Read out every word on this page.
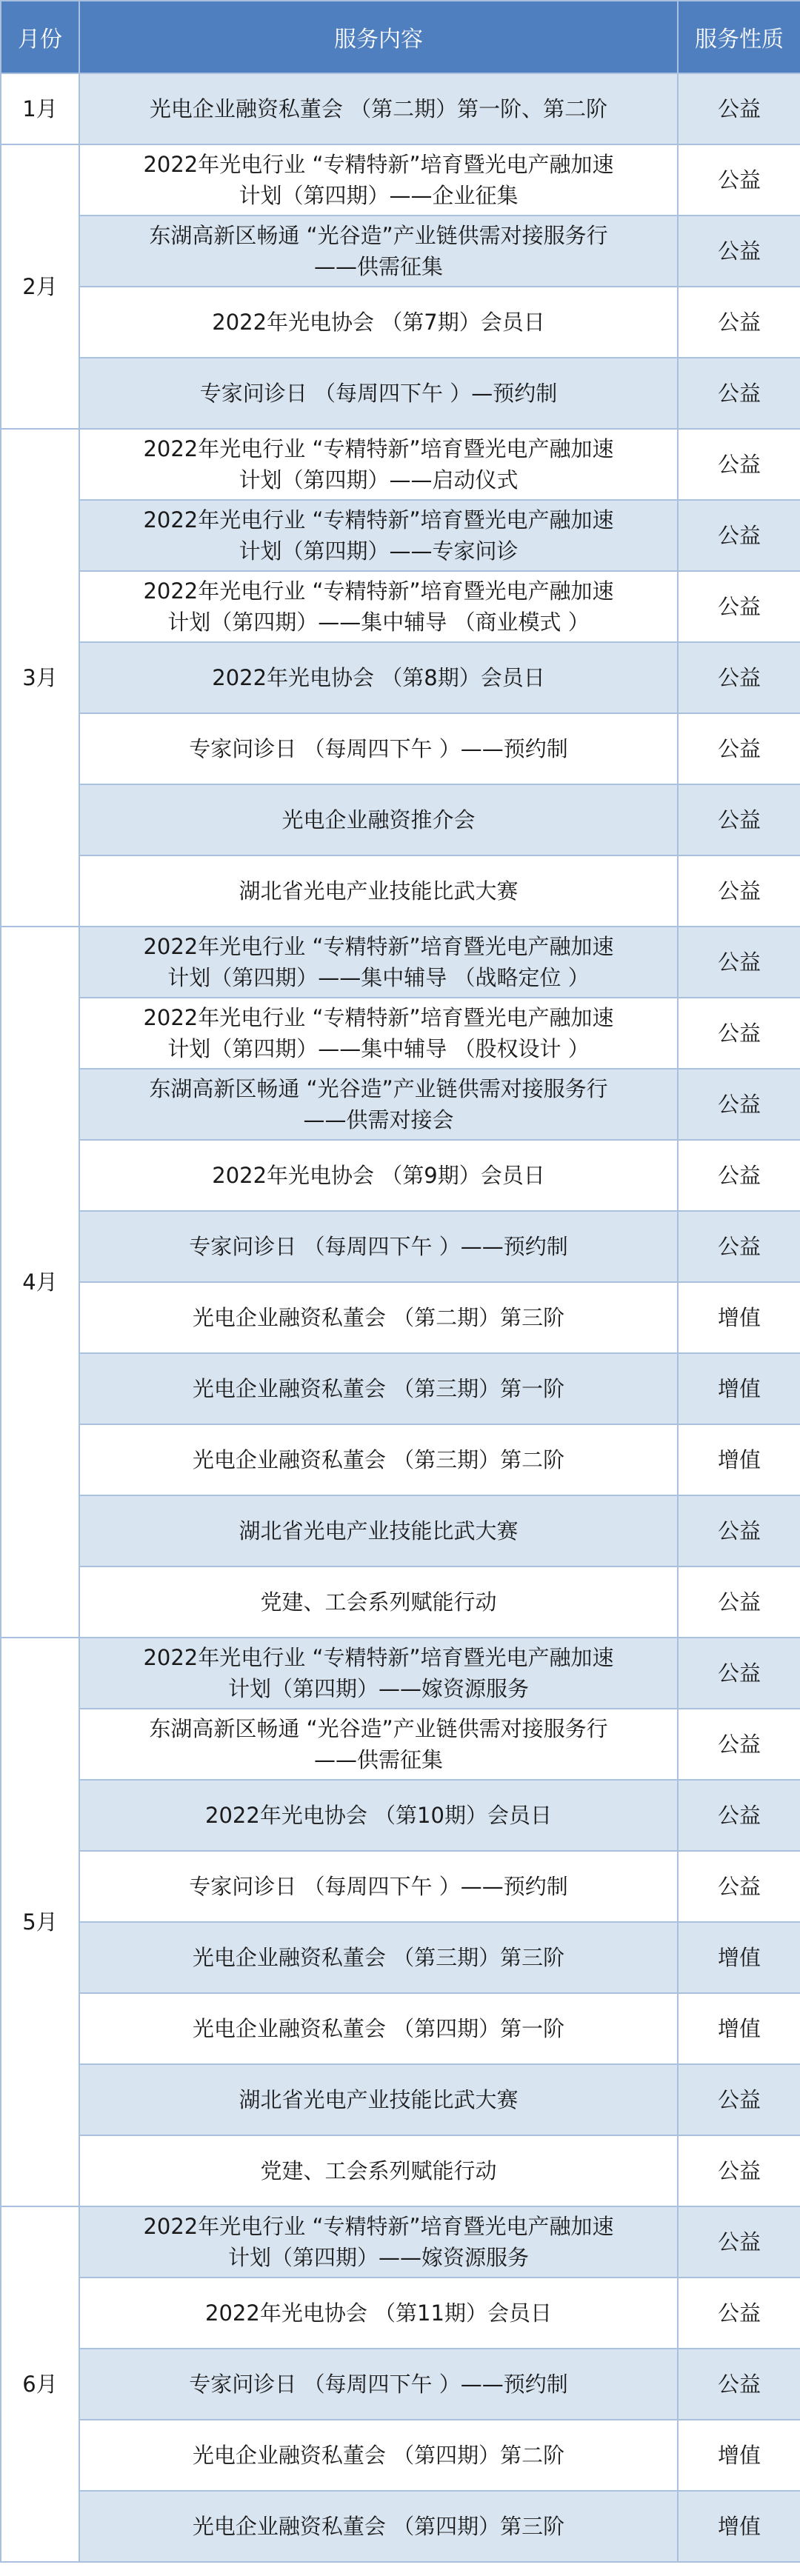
月份	服务内容	服务性质
1月	光电企业融资私董会 （第二期）第一阶、第二阶	公益
2月	2022年光电行业 “专精特新”培育暨光电产融加速
计划（第四期）——企业征集	公益
	东湖高新区畅通 “光谷造”产业链供需对接服务行
——供需征集	公益
	2022年光电协会 （第7期）会员日	公益
	专家问诊日 （每周四下午 ）—预约制	公益
3月	2022年光电行业 “专精特新”培育暨光电产融加速
计划（第四期）——启动仪式	公益
	2022年光电行业 “专精特新”培育暨光电产融加速
计划（第四期）——专家问诊	公益
	2022年光电行业 “专精特新”培育暨光电产融加速
计划（第四期）——集中辅导 （商业模式 ）	公益
	2022年光电协会 （第8期）会员日	公益
	专家问诊日 （每周四下午 ）——预约制	公益
	光电企业融资推介会	公益
	湖北省光电产业技能比武大赛	公益
4月	2022年光电行业 “专精特新”培育暨光电产融加速
计划（第四期）——集中辅导 （战略定位 ）	公益
	2022年光电行业 “专精特新”培育暨光电产融加速
计划（第四期）——集中辅导 （股权设计 ）	公益
	东湖高新区畅通 “光谷造”产业链供需对接服务行
——供需对接会	公益
	2022年光电协会 （第9期）会员日	公益
	专家问诊日 （每周四下午 ）——预约制	公益
	光电企业融资私董会 （第二期）第三阶	增值
	光电企业融资私董会 （第三期）第一阶	增值
	光电企业融资私董会 （第三期）第二阶	增值
	湖北省光电产业技能比武大赛	公益
	党建、工会系列赋能行动	公益
5月	2022年光电行业 “专精特新”培育暨光电产融加速
计划（第四期）——嫁资源服务	公益
	东湖高新区畅通 “光谷造”产业链供需对接服务行
——供需征集	公益
	2022年光电协会 （第10期）会员日	公益
	专家问诊日 （每周四下午 ）——预约制	公益
	光电企业融资私董会 （第三期）第三阶	增值
	光电企业融资私董会 （第四期）第一阶	增值
	湖北省光电产业技能比武大赛	公益
	党建、工会系列赋能行动	公益
6月	2022年光电行业 “专精特新”培育暨光电产融加速
计划（第四期）——嫁资源服务	公益
	2022年光电协会 （第11期）会员日	公益
	专家问诊日 （每周四下午 ）——预约制	公益
	光电企业融资私董会 （第四期）第二阶	增值
	光电企业融资私董会 （第四期）第三阶	增值
